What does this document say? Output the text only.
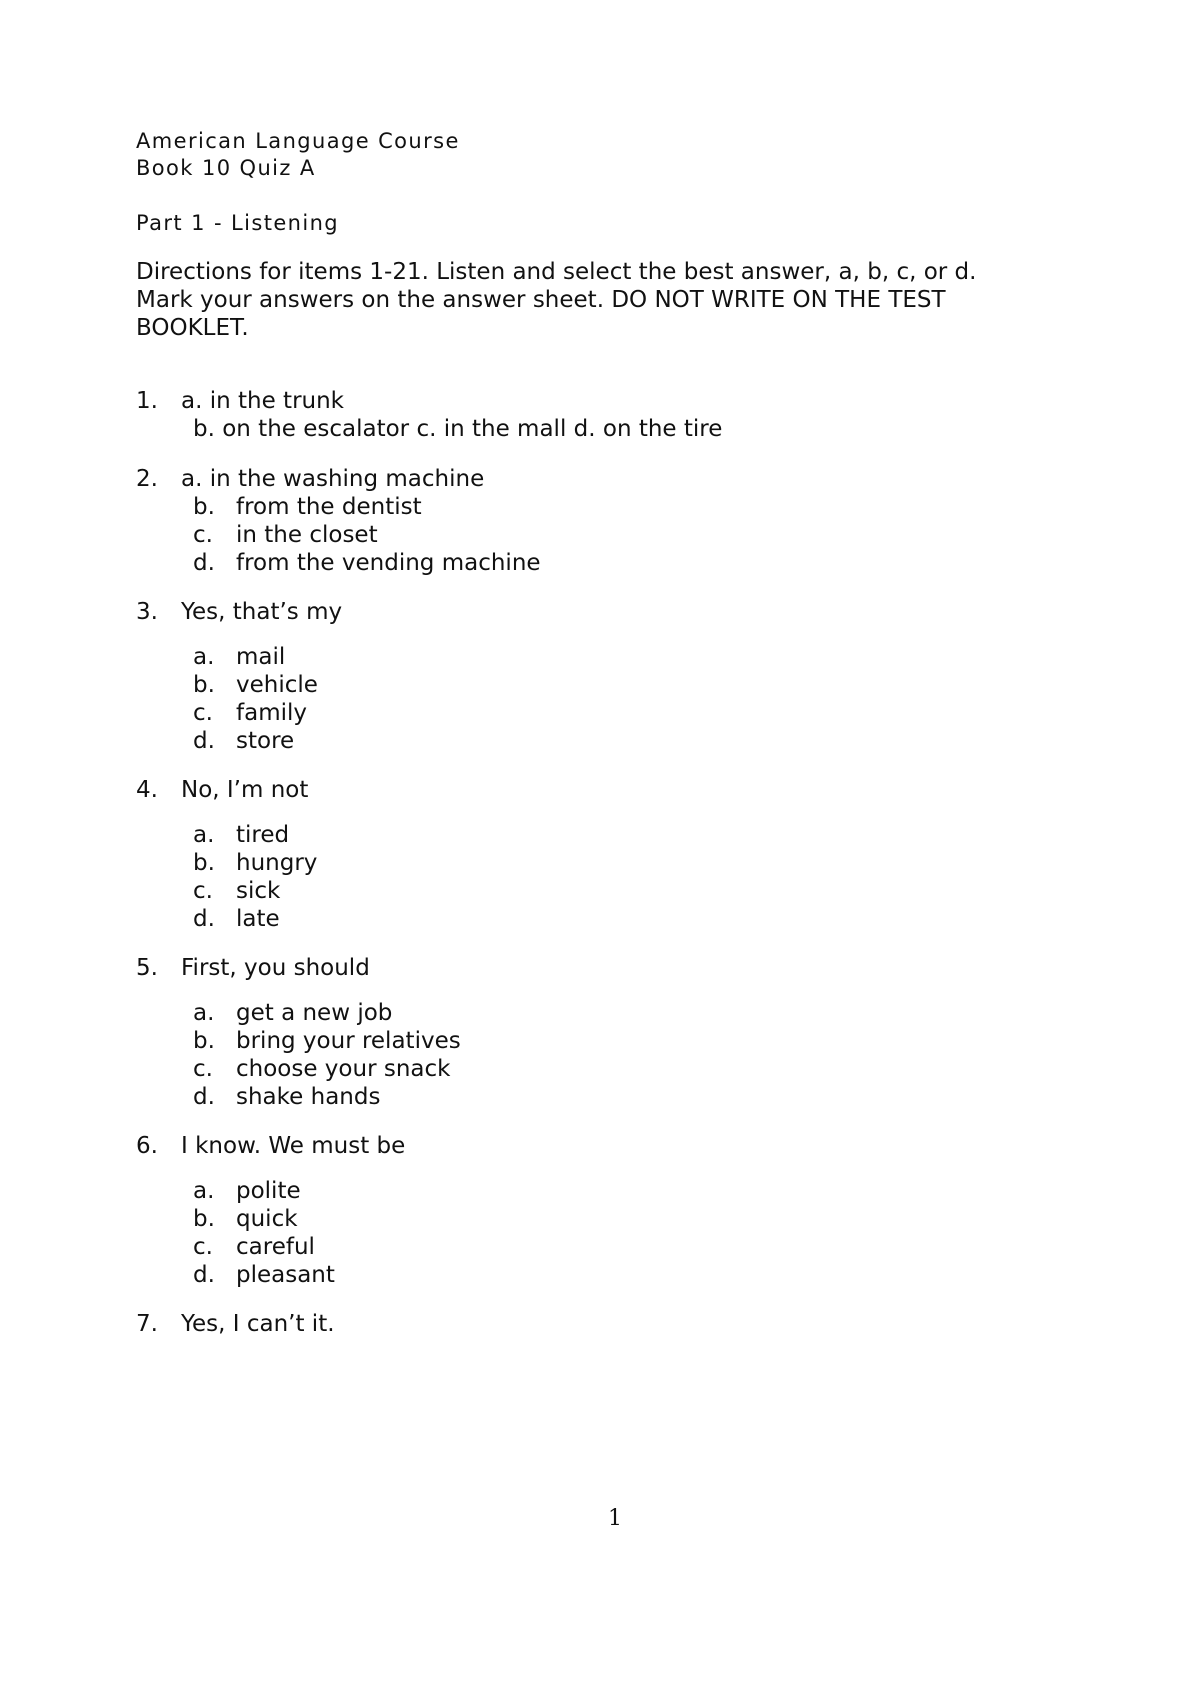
American Language Course
Book 10 Quiz A
Part 1 - Listening

Directions for items 1-21. Listen and select the best answer, a, b, c, or d.

Mark your answers on the answer sheet. DO NOT WRITE ON THE TEST

BOOKLET.

1. a. in the trunk
b. on the escalator c. in the mall d. on the tire
2. a. in the washing machine
b. from the dentist
c. in the closet
d. from the vending machine
3. Yes, that’s my
a. mail
b. vehicle
c. family
d. store
4. No, I’m not
a. tired
b. hungry
c. sick
d. late
5. First, you should
a. get a new job
b. bring your relatives
c. choose your snack
d. shake hands
6. I know. We must be
a. polite
b. quick
c. careful
d. pleasant
7. Yes, I can’t it.
1
